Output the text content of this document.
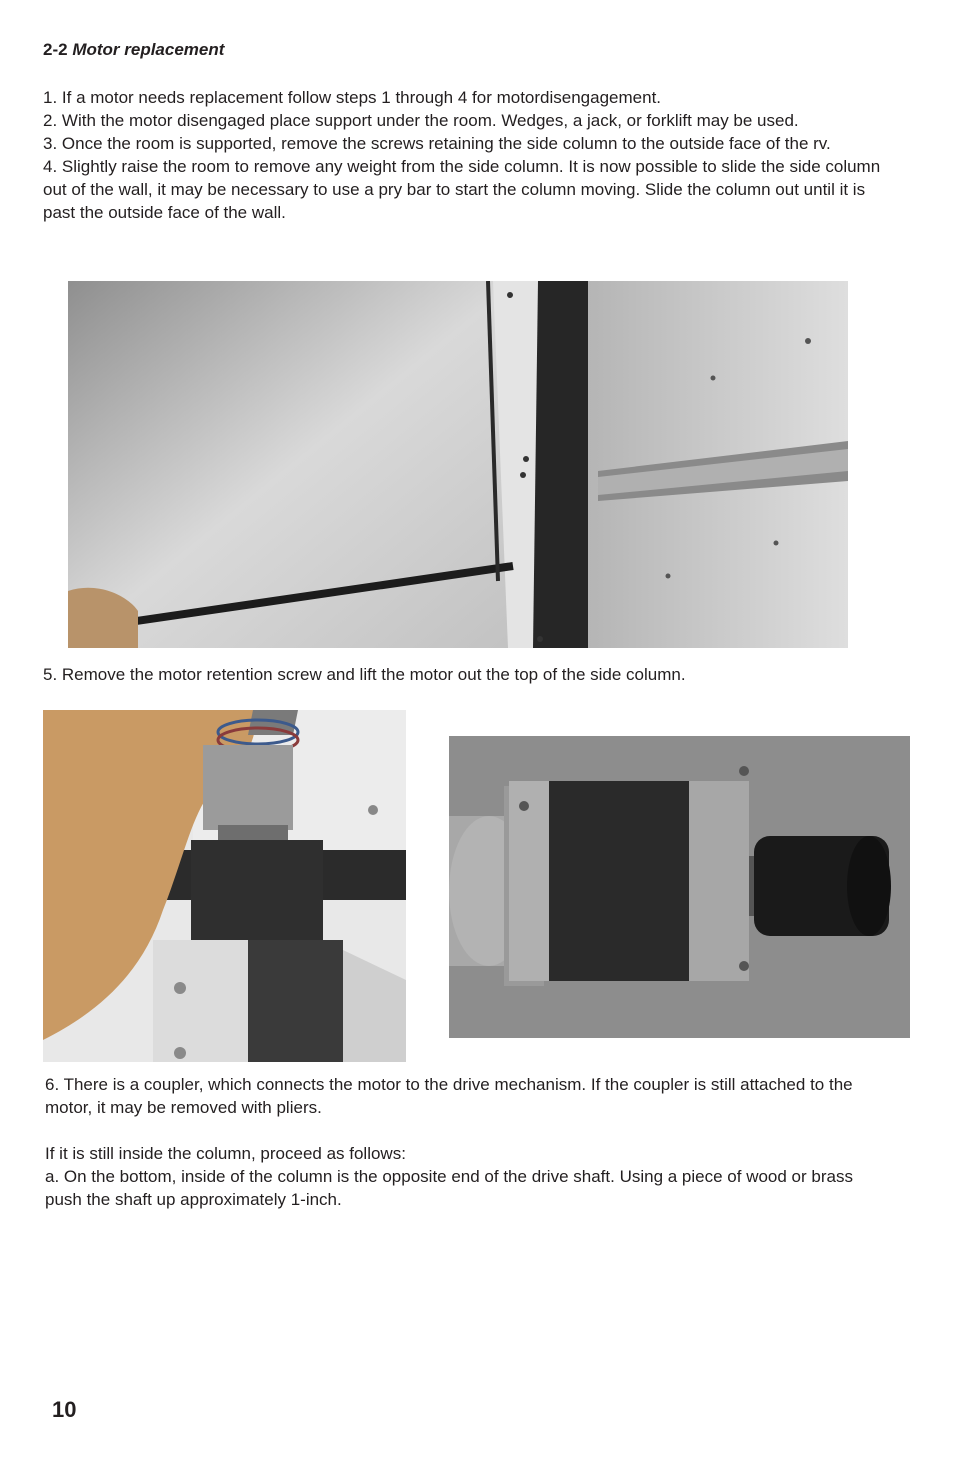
2-2 Motor replacement
1. If a motor needs replacement follow steps 1 through 4 for motordisengagement.
2. With the motor disengaged place support under the room. Wedges, a jack, or forklift may be used.
3. Once the room is supported, remove the screws retaining the side column to the outside face of the rv.
4. Slightly raise the room to remove any weight from the side column. It is now possible to slide the side column out of the wall, it may be necessary to use a pry bar to start the column moving. Slide the column out until it is past the outside face of the wall.

5. Remove the motor retention screw and lift the motor out the top of the side column.

6. There is a coupler, which connects the motor to the drive mechanism. If the coupler is still attached to the motor, it may be removed with pliers.

If it is still inside the column, proceed as follows:

a. On the bottom, inside of the column is the opposite end of the drive shaft. Using a piece of wood or brass push the shaft up approximately 1-inch.

10
